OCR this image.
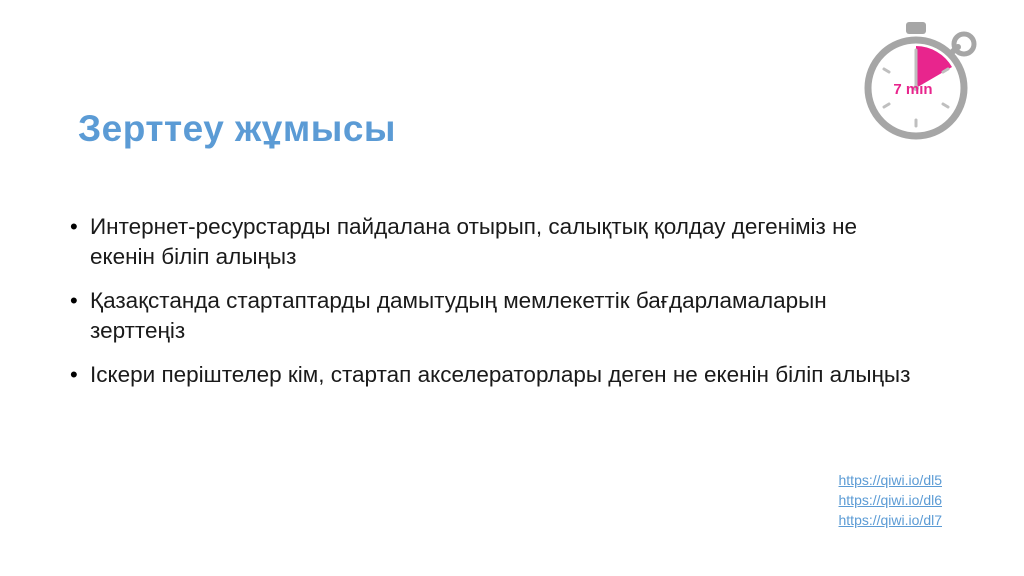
Зерттеу жұмысы
7 min
• Интернет-ресурстарды пайдалана отырып, салықтық қолдау дегеніміз не екенін біліп алыңыз
• Қазақстанда стартаптарды дамытудың мемлекеттік бағдарламаларын зерттеңіз
• Іскери періштелер кім, стартап акселераторлары деген не екенін біліп алыңыз
https://qiwi.io/dl5
https://qiwi.io/dl6
https://qiwi.io/dl7
